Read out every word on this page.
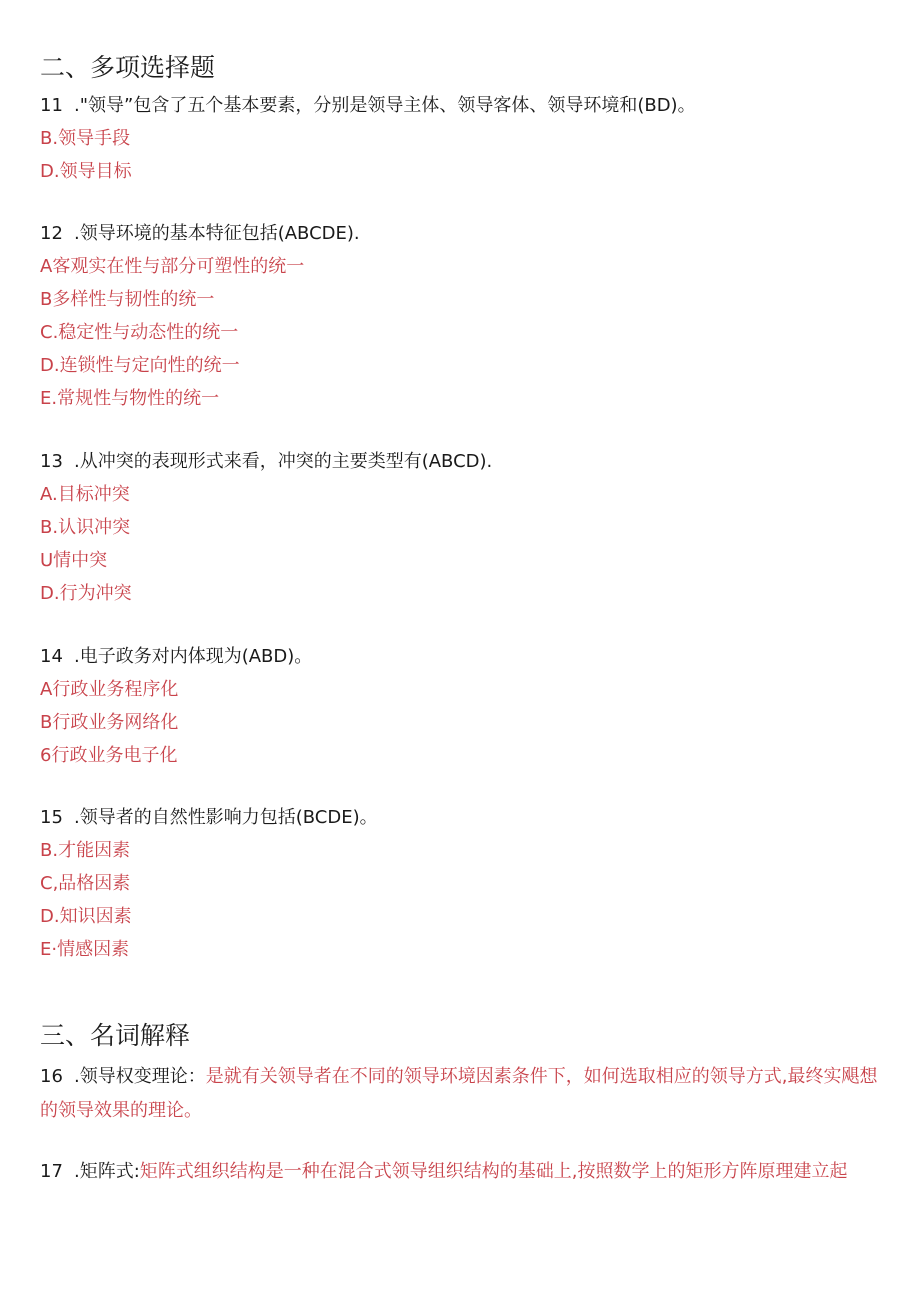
二、多项选择题
11 ."领导”包含了五个基本要素，分别是领导主体、领导客体、领导环境和(BD)。
B.领导手段
D.领导目标
12 .领导环境的基本特征包括(ABCDE).
A客观实在性与部分可塑性的统一
B多样性与韧性的统一
C.稳定性与动态性的统一
D.连锁性与定向性的统一
E.常规性与物性的统一
13 .从冲突的表现形式来看，冲突的主要类型有(ABCD).
A.目标冲突
B.认识冲突
U情中突
D.行为冲突
14 .电子政务对内体现为(ABD)。
A行政业务程序化
B行政业务网络化
6行政业务电子化
15 .领导者的自然性影响力包括(BCDE)。
B.才能因素
C,品格因素
D.知识因素
E·情感因素
三、名词解释
16 .领导权变理论：是就有关领导者在不同的领导环境因素条件下，如何选取相应的领导方式,最终实飓想的领导效果的理论。
17 .矩阵式:矩阵式组织结构是一种在混合式领导组织结构的基础上,按照数学上的矩形方阵原理建立起
